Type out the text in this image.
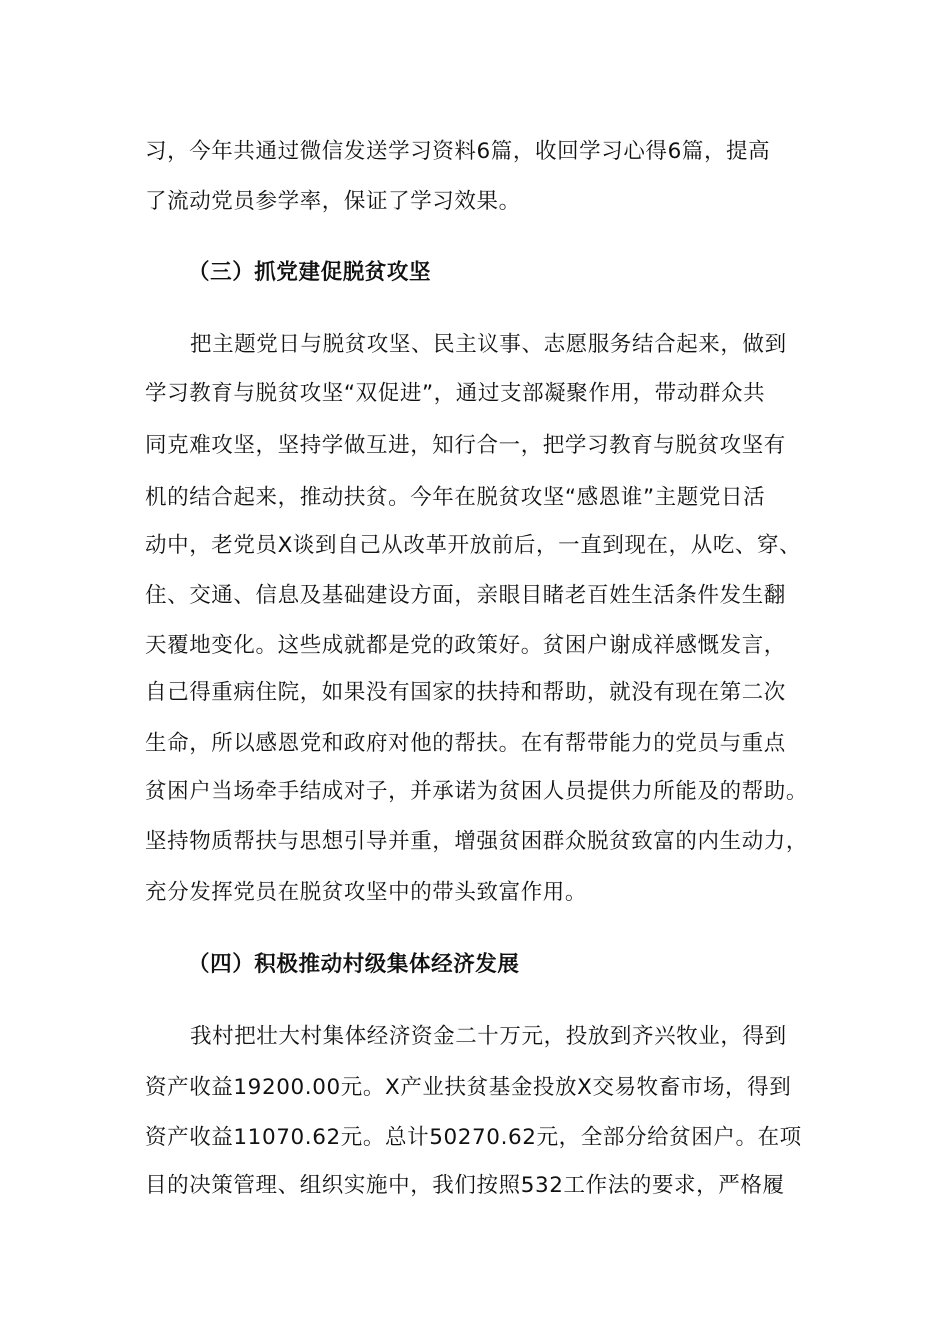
习，今年共通过微信发送学习资料6篇，收回学习心得6篇，提高

了流动党员参学率，保证了学习效果。

（三）抓党建促脱贫攻坚

把主题党日与脱贫攻坚、民主议事、志愿服务结合起来，做到

学习教育与脱贫攻坚“双促进”，通过支部凝聚作用，带动群众共

同克难攻坚，坚持学做互进，知行合一，把学习教育与脱贫攻坚有

机的结合起来，推动扶贫。今年在脱贫攻坚“感恩谁”主题党日活

动中，老党员X谈到自己从改革开放前后，一直到现在，从吃、穿、

住、交通、信息及基础建设方面，亲眼目睹老百姓生活条件发生翻

天覆地变化。这些成就都是党的政策好。贫困户谢成祥感慨发言，

自己得重病住院，如果没有国家的扶持和帮助，就没有现在第二次

生命，所以感恩党和政府对他的帮扶。在有帮带能力的党员与重点

贫困户当场牵手结成对子，并承诺为贫困人员提供力所能及的帮助。

坚持物质帮扶与思想引导并重，增强贫困群众脱贫致富的内生动力，

充分发挥党员在脱贫攻坚中的带头致富作用。

（四）积极推动村级集体经济发展

我村把壮大村集体经济资金二十万元，投放到齐兴牧业，得到

资产收益19200.00元。X产业扶贫基金投放X交易牧畜市场，得到

资产收益11070.62元。总计50270.62元，全部分给贫困户。在项

目的决策管理、组织实施中，我们按照532工作法的要求，严格履
